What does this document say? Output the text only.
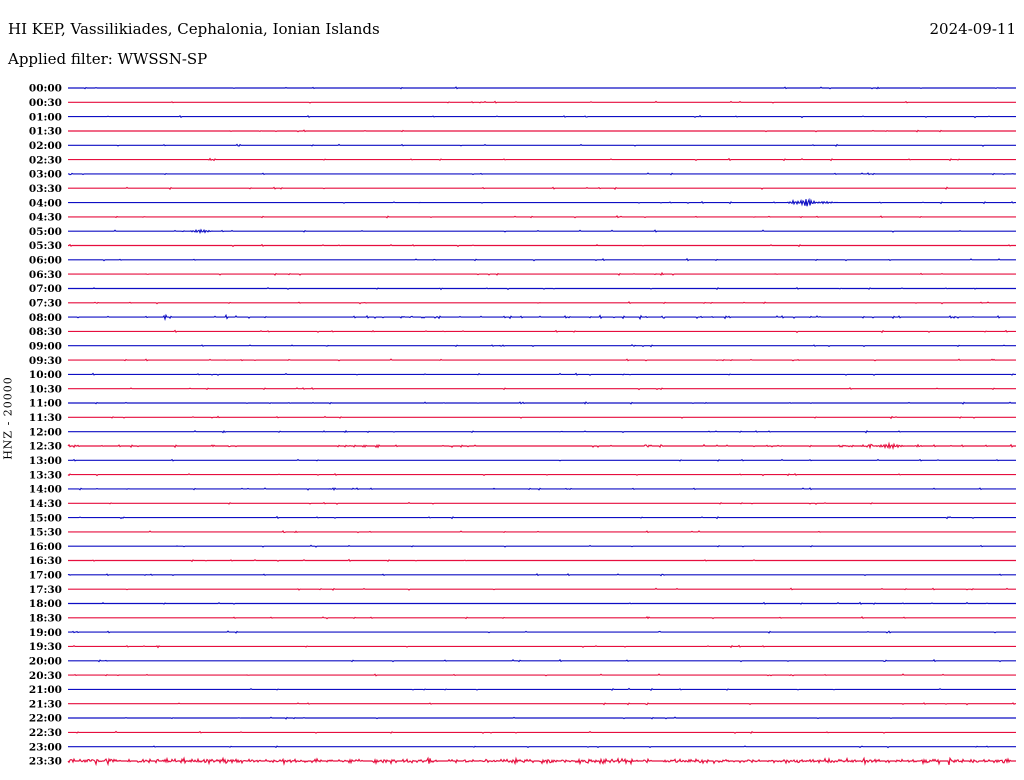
HI KEP, Vassilikiades, Cephalonia, Ionian Islands	2024-09-11
Applied filter: WWSSN-SP
HNZ - 20000
00:00
00:30
01:00
01:30
02:00
02:30
03:00
03:30
04:00
04:30
05:00
05:30
06:00
06:30
07:00
07:30
08:00
08:30
09:00
09:30
10:00
10:30
11:00
11:30
12:00
12:30
13:00
13:30
14:00
14:30
15:00
15:30
16:00
16:30
17:00
17:30
18:00
18:30
19:00
19:30
20:00
20:30
21:00
21:30
22:00
22:30
23:00
23:30
